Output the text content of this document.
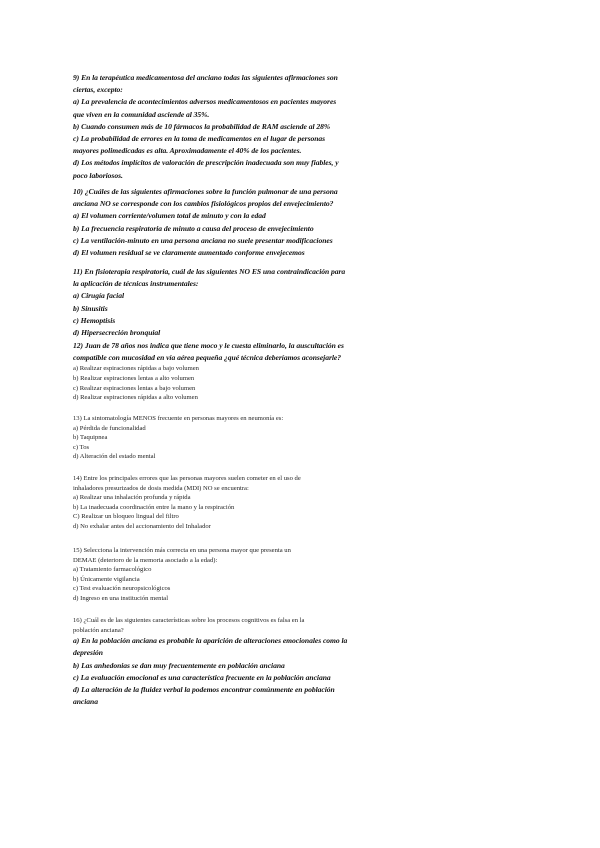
9) En la terapéutica medicamentosa del anciano todas las siguientes afirmaciones son

ciertas, excepto:

a) La prevalencia de acontecimientos adversos medicamentosos en pacientes mayores

que viven en la comunidad asciende al 35%.

b) Cuando consumen más de 10 fármacos la probabilidad de RAM asciende al 28%

c) La probabilidad de errores en la toma de medicamentos en el lugar de personas

mayores polimedicadas es alta. Aproximadamente el 40% de los pacientes.

d) Los métodos implícitos de valoración de prescripción inadecuada son muy fiables, y

poco laboriosos.

10) ¿Cuáles de las siguientes afirmaciones sobre la función pulmonar de una persona

anciana NO se corresponde con los cambios fisiológicos propios del envejecimiento?

a) El volumen corriente/volumen total de minuto y con la edad

b) La frecuencia respiratoria de minuto a causa del proceso de envejecimiento

c) La ventilación-minuto en una persona anciana no suele presentar modificaciones

d) El volumen residual se ve claramente aumentado conforme envejecemos

11) En fisioterapia respiratoria, cuál de las siguientes NO ES una contraindicación para

la aplicación de técnicas instrumentales:

a) Cirugía facial

b) Sinusitis

c) Hemoptisis

d) Hipersecreción bronquial

12) Juan de 78 años nos indica que tiene moco y le cuesta eliminarlo, la auscultación es

compatible con mucosidad en vía aérea pequeña ¿qué técnica deberíamos aconsejarle?

a) Realizar espiraciones rápidas a bajo volumen

b) Realizar espiraciones lentas a alto volumen

c) Realizar espiraciones lentas a bajo volumen

d) Realizar espiraciones rápidas a alto volumen

13) La sintomatología MENOS frecuente en personas mayores en neumonía es:

a) Pérdida de funcionalidad

b) Taquipnea

c) Tos

d) Alteración del estado mental

14) Entre los principales errores que las personas mayores suelen cometer en el uso de

inhaladores presurizados de dosis medida (MDI) NO se encuentra:

a) Realizar una inhalación profunda y rápida

b) La inadecuada coordinación entre la mano y la respiración

C) Realizar un bloqueo lingual del filtro

d) No exhalar antes del accionamiento del Inhalador

15) Selecciona la intervención más correcta en una persona mayor que presenta un

DEMAE (deterioro de la memoria asociado a la edad):

a) Tratamiento farmacológico

b) Únicamente vigilancia

c) Test evaluación neuropsicológicos

d) Ingreso en una institución mental

16) ¿Cuál es de las siguientes características sobre los procesos cognitivos es falsa en la

población anciana?

a) En la población anciana es probable la aparición de alteraciones emocionales como la

depresión

b) Las anhedonias se dan muy frecuentemente en población anciana

c) La evaluación emocional es una característica frecuente en la población anciana

d) La alteración de la fluidez verbal la podemos encontrar comúnmente en población

anciana
